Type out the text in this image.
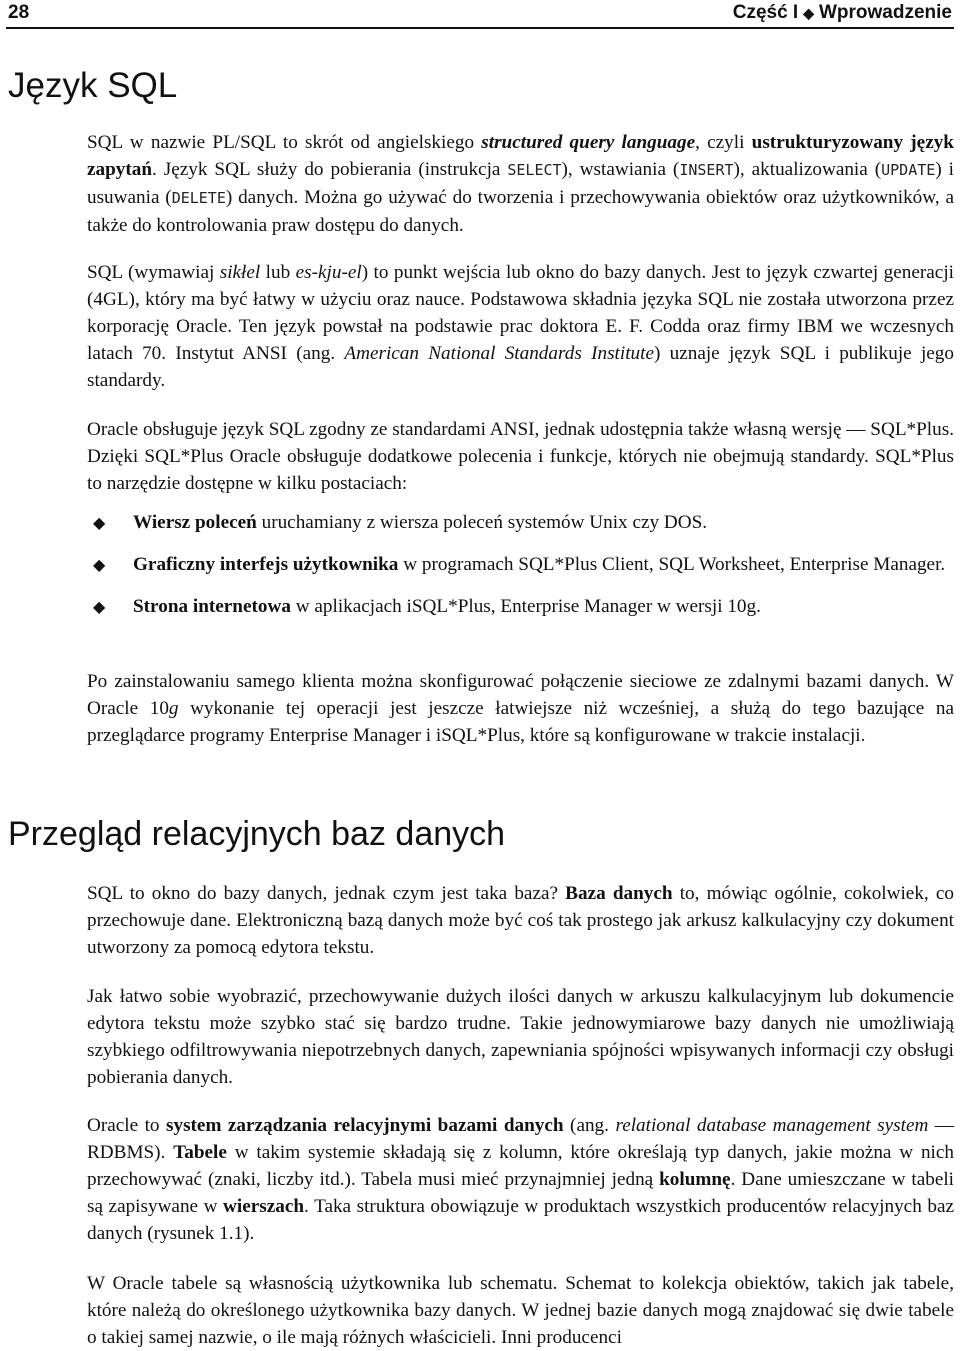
28	Część I ◆ Wprowadzenie
Język SQL

SQL w nazwie PL/SQL to skrót od angielskiego structured query language, czyli ustrukturyzowany język zapytań. Język SQL służy do pobierania (instrukcja SELECT), wstawiania (INSERT), aktualizowania (UPDATE) i usuwania (DELETE) danych. Można go używać do tworzenia i przechowywania obiektów oraz użytkowników, a także do kontrolowania praw dostępu do danych.

SQL (wymawiaj sikłel lub es-kju-el) to punkt wejścia lub okno do bazy danych. Jest to język czwartej generacji (4GL), który ma być łatwy w użyciu oraz nauce. Podstawowa składnia języka SQL nie została utworzona przez korporację Oracle. Ten język powstał na podstawie prac doktora E. F. Codda oraz firmy IBM we wczesnych latach 70. Instytut ANSI (ang. American National Standards Institute) uznaje język SQL i publikuje jego standardy.

Oracle obsługuje język SQL zgodny ze standardami ANSI, jednak udostępnia także własną wersję — SQL*Plus. Dzięki SQL*Plus Oracle obsługuje dodatkowe polecenia i funkcje, których nie obejmują standardy. SQL*Plus to narzędzie dostępne w kilku postaciach:

◆ Wiersz poleceń uruchamiany z wiersza poleceń systemów Unix czy DOS.
◆ Graficzny interfejs użytkownika w programach SQL*Plus Client, SQL Worksheet, Enterprise Manager.
◆ Strona internetowa w aplikacjach iSQL*Plus, Enterprise Manager w wersji 10g.

Po zainstalowaniu samego klienta można skonfigurować połączenie sieciowe ze zdalnymi bazami danych. W Oracle 10g wykonanie tej operacji jest jeszcze łatwiejsze niż wcześniej, a służą do tego bazujące na przeglądarce programy Enterprise Manager i iSQL*Plus, które są konfigurowane w trakcie instalacji.

Przegląd relacyjnych baz danych

SQL to okno do bazy danych, jednak czym jest taka baza? Baza danych to, mówiąc ogólnie, cokolwiek, co przechowuje dane. Elektroniczną bazą danych może być coś tak prostego jak arkusz kalkulacyjny czy dokument utworzony za pomocą edytora tekstu.

Jak łatwo sobie wyobrazić, przechowywanie dużych ilości danych w arkuszu kalkulacyjnym lub dokumencie edytora tekstu może szybko stać się bardzo trudne. Takie jednowymiarowe bazy danych nie umożliwiają szybkiego odfiltrowywania niepotrzebnych danych, zapewniania spójności wpisywanych informacji czy obsługi pobierania danych.

Oracle to system zarządzania relacyjnymi bazami danych (ang. relational database management system — RDBMS). Tabele w takim systemie składają się z kolumn, które określają typ danych, jakie można w nich przechowywać (znaki, liczby itd.). Tabela musi mieć przynajmniej jedną kolumnę. Dane umieszczane w tabeli są zapisywane w wierszach. Taka struktura obowiązuje w produktach wszystkich producentów relacyjnych baz danych (rysunek 1.1).

W Oracle tabele są własnością użytkownika lub schematu. Schemat to kolekcja obiektów, takich jak tabele, które należą do określonego użytkownika bazy danych. W jednej bazie danych mogą znajdować się dwie tabele o takiej samej nazwie, o ile mają różnych właścicieli. Inni producenci
